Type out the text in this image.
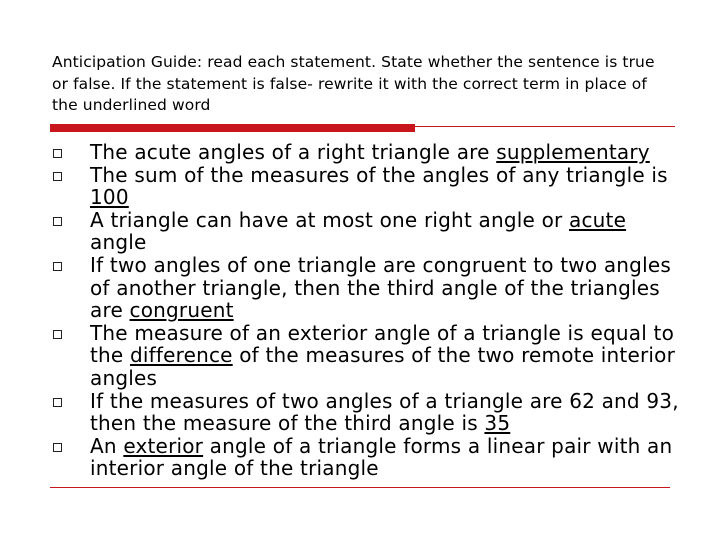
Anticipation Guide: read each statement. State whether the sentence is true or false. If the statement is false- rewrite it with the correct term in place of the underlined word
The acute angles of a right triangle are supplementary
The sum of the measures of the angles of any triangle is 100
A triangle can have at most one right angle or acute angle
If two angles of one triangle are congruent to two angles of another triangle, then the third angle of the triangles are congruent
The measure of an exterior angle of a triangle is equal to the difference of the measures of the two remote interior angles
If the measures of two angles of a triangle are 62 and 93, then the measure of the third angle is 35
An exterior angle of a triangle forms a linear pair with an interior angle of the triangle
